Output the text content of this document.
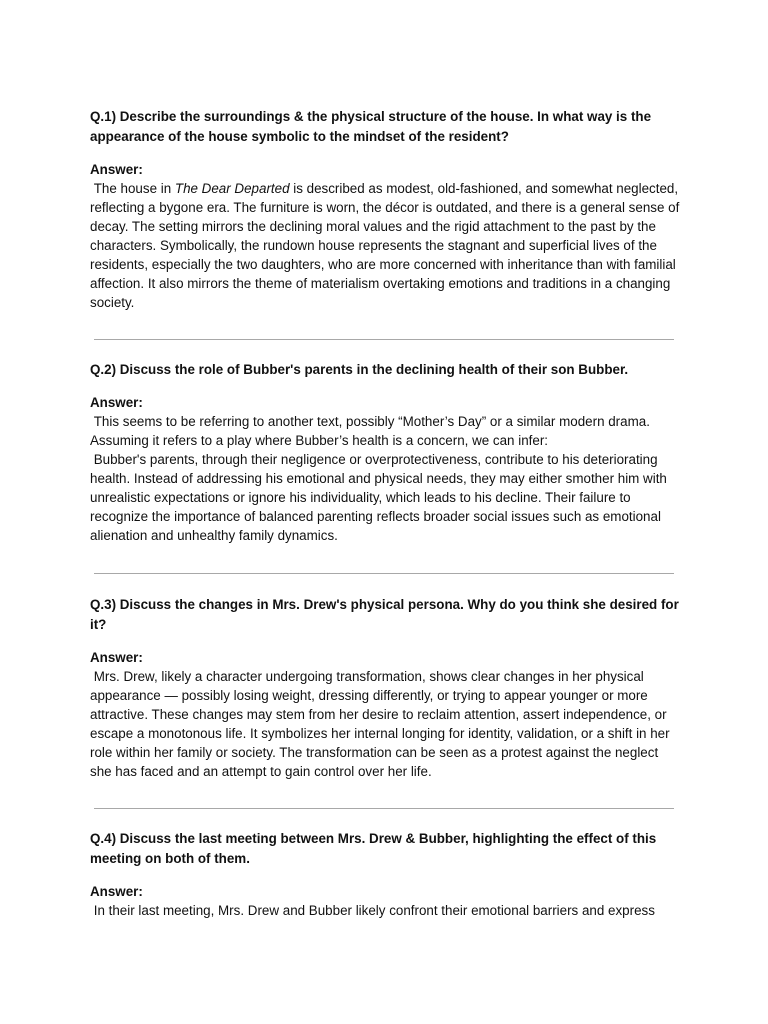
Q.1) Describe the surroundings & the physical structure of the house. In what way is the appearance of the house symbolic to the mindset of the resident?

Answer:

The house in The Dear Departed is described as modest, old-fashioned, and somewhat neglected, reflecting a bygone era. The furniture is worn, the décor is outdated, and there is a general sense of decay. The setting mirrors the declining moral values and the rigid attachment to the past by the characters. Symbolically, the rundown house represents the stagnant and superficial lives of the residents, especially the two daughters, who are more concerned with inheritance than with familial affection. It also mirrors the theme of materialism overtaking emotions and traditions in a changing society.

Q.2) Discuss the role of Bubber's parents in the declining health of their son Bubber.

Answer:

This seems to be referring to another text, possibly “Mother’s Day” or a similar modern drama. Assuming it refers to a play where Bubber’s health is a concern, we can infer:

Bubber's parents, through their negligence or overprotectiveness, contribute to his deteriorating health. Instead of addressing his emotional and physical needs, they may either smother him with unrealistic expectations or ignore his individuality, which leads to his decline. Their failure to recognize the importance of balanced parenting reflects broader social issues such as emotional alienation and unhealthy family dynamics.

Q.3) Discuss the changes in Mrs. Drew's physical persona. Why do you think she desired for it?

Answer:

Mrs. Drew, likely a character undergoing transformation, shows clear changes in her physical appearance — possibly losing weight, dressing differently, or trying to appear younger or more attractive. These changes may stem from her desire to reclaim attention, assert independence, or escape a monotonous life. It symbolizes her internal longing for identity, validation, or a shift in her role within her family or society. The transformation can be seen as a protest against the neglect she has faced and an attempt to gain control over her life.

Q.4) Discuss the last meeting between Mrs. Drew & Bubber, highlighting the effect of this meeting on both of them.

Answer:

In their last meeting, Mrs. Drew and Bubber likely confront their emotional barriers and express
